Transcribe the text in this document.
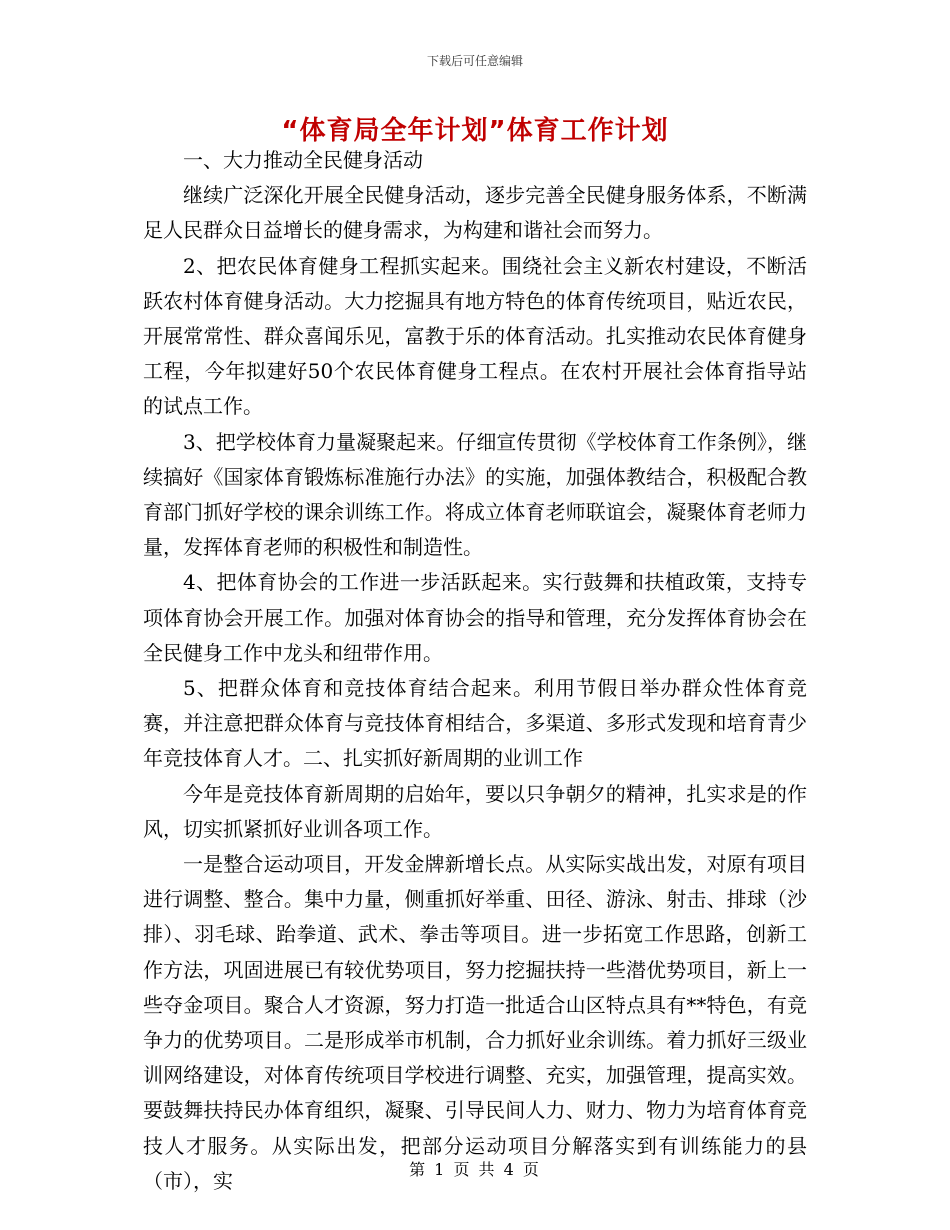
下载后可任意编辑
“体育局全年计划”体育工作计划

一、大力推动全民健身活动

继续广泛深化开展全民健身活动，逐步完善全民健身服务体系，不断满足人民群众日益增长的健身需求，为构建和谐社会而努力。

2、把农民体育健身工程抓实起来。围绕社会主义新农村建设，不断活跃农村体育健身活动。大力挖掘具有地方特色的体育传统项目，贴近农民，开展常常性、群众喜闻乐见，富教于乐的体育活动。扎实推动农民体育健身工程，今年拟建好50个农民体育健身工程点。在农村开展社会体育指导站的试点工作。

3、把学校体育力量凝聚起来。仔细宣传贯彻《学校体育工作条例》，继续搞好《国家体育锻炼标准施行办法》的实施，加强体教结合，积极配合教育部门抓好学校的课余训练工作。将成立体育老师联谊会，凝聚体育老师力量，发挥体育老师的积极性和制造性。

4、把体育协会的工作进一步活跃起来。实行鼓舞和扶植政策，支持专项体育协会开展工作。加强对体育协会的指导和管理，充分发挥体育协会在全民健身工作中龙头和纽带作用。

5、把群众体育和竞技体育结合起来。利用节假日举办群众性体育竞赛，并注意把群众体育与竞技体育相结合，多渠道、多形式发现和培育青少年竞技体育人才。二、扎实抓好新周期的业训工作

今年是竞技体育新周期的启始年，要以只争朝夕的精神，扎实求是的作风，切实抓紧抓好业训各项工作。

一是整合运动项目，开发金牌新增长点。从实际实战出发，对原有项目进行调整、整合。集中力量，侧重抓好举重、田径、游泳、射击、排球（沙排）、羽毛球、跆拳道、武术、拳击等项目。进一步拓宽工作思路，创新工作方法，巩固进展已有较优势项目，努力挖掘扶持一些潜优势项目，新上一些夺金项目。聚合人才资源，努力打造一批适合山区特点具有**特色，有竞争力的优势项目。二是形成举市机制，合力抓好业余训练。着力抓好三级业训网络建设，对体育传统项目学校进行调整、充实，加强管理，提高实效。要鼓舞扶持民办体育组织，凝聚、引导民间人力、财力、物力为培育体育竞技人才服务。从实际出发，把部分运动项目分解落实到有训练能力的县（市），实	第 1 页 共 4 页
